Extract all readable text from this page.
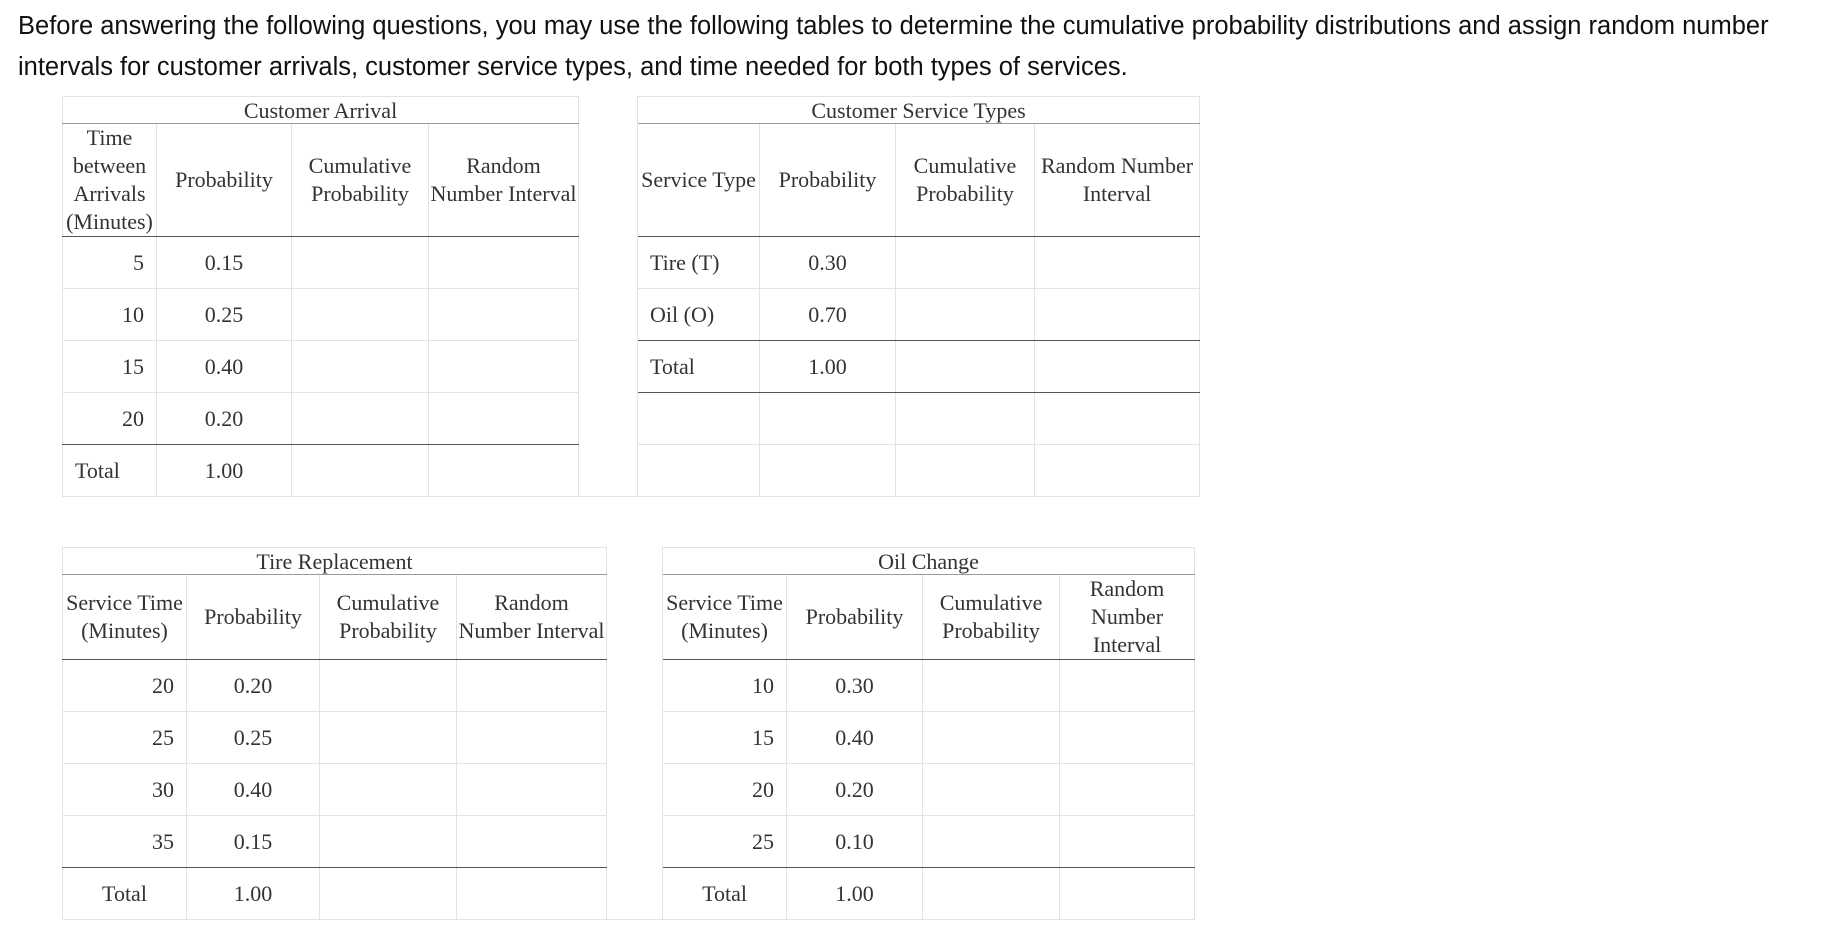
Before answering the following questions, you may use the following tables to determine the cumulative probability distributions and assign random number intervals for customer arrivals, customer service types, and time needed for both types of services.
Customer Arrival					Customer Service Types			
Time between Arrivals (Minutes)	Probability	Cumulative Probability	Random Number Interval		Service Type	Probability	Cumulative Probability	Random Number Interval
5	0.15				Tire (T)	0.30		
10	0.25				Oil (O)	0.70		
15	0.40				Total	1.00		
20	0.20							
Total	1.00							
Tire Replacement					Oil Change			
Service Time (Minutes)	Probability	Cumulative Probability	Random Number Interval		Service Time (Minutes)	Probability	Cumulative Probability	Random Number Interval
20	0.20				10	0.30		
25	0.25				15	0.40		
30	0.40				20	0.20		
35	0.15				25	0.10		
Total	1.00				Total	1.00		
